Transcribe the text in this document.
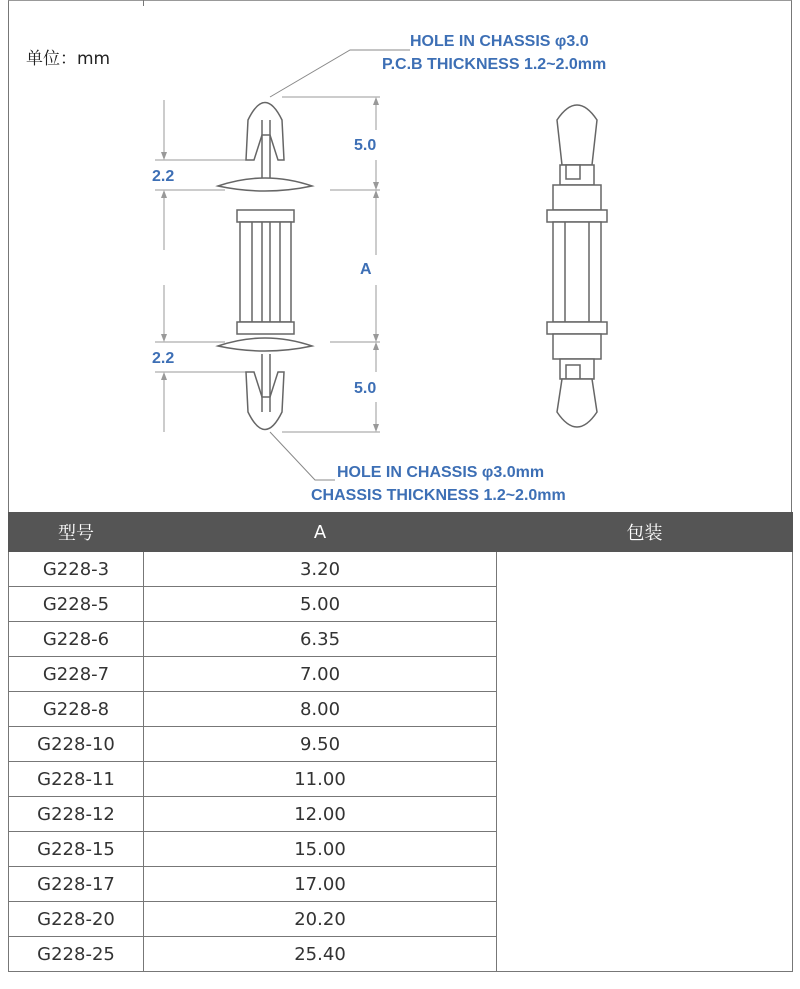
单位：mm
HOLE IN CHASSIS φ3.0
P.C.B THICKNESS 1.2~2.0mm
5.0
A
5.0
2.2
2.2
HOLE IN CHASSIS φ3.0mm
CHASSIS THICKNESS 1.2~2.0mm
型号	A	包装
G228-3	3.20	
G228-5	5.00	
G228-6	6.35	
G228-7	7.00	
G228-8	8.00	
G228-10	9.50	
G228-11	11.00	
G228-12	12.00	
G228-15	15.00	
G228-17	17.00	
G228-20	20.20	
G228-25	25.40	
